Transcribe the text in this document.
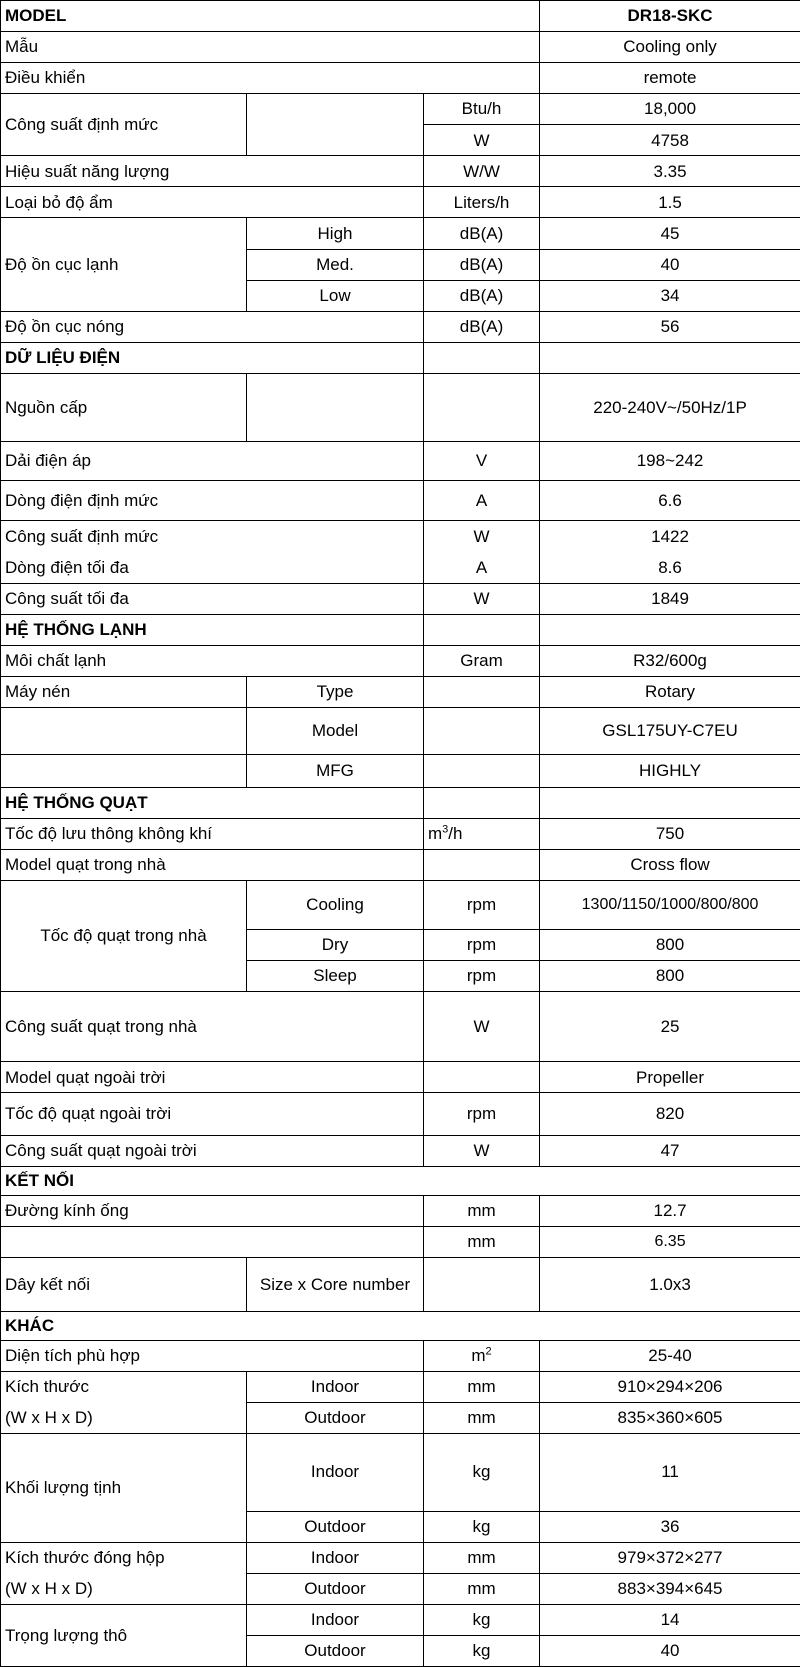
MODEL			DR18-SKC
Mẫu			Cooling only
Điều khiển			remote
Công suất định mức		Btu/h	18,000
		W	4758
Hiệu suất năng lượng		W/W	3.35
Loại bỏ độ ẩm		Liters/h	1.5
Độ ồn cục lạnh	High	dB(A)	45
	Med.	dB(A)	40
	Low	dB(A)	34
Độ ồn cục nóng		dB(A)	56
DỮ LIỆU ĐIỆN			
Nguồn cấp			220-240V~/50Hz/1P
Dải điện áp		V	198~242
Dòng điện định mức		A	6.6
Công suất định mức		W	1422
Dòng điện tối đa		A	8.6
Công suất tối đa		W	1849
HỆ THỐNG LẠNH			
Môi chất lạnh		Gram	R32/600g
Máy nén	Type		Rotary
	Model		GSL175UY-C7EU
	MFG		HIGHLY
HỆ THỐNG QUẠT			
Tốc độ lưu thông không khí		$m^3/h$	750
Model quạt trong nhà			Cross flow
Tốc độ quạt trong nhà	Cooling	rpm	1300/1150/1000/800/800
	Dry	rpm	800
	Sleep	rpm	800
Công suất quạt trong nhà		W	25
Model quạt ngoài trời			Propeller
Tốc độ quạt ngoài trời		rpm	820
Công suất quạt ngoài trời		W	47
KẾT NỐI			
Đường kính ống		mm	12.7
		mm	6.35
Dây kết nối	Size x Core number		1.0x3
KHÁC			
Diện tích phù hợp		$m^2$	25-40
Kích thước	Indoor	mm	910×294×206
(W x H x D)	Outdoor	mm	835×360×605
Khối lượng tịnh	Indoor	kg	11
	Outdoor	kg	36
Kích thước đóng hộp	Indoor	mm	979×372×277
(W x H x D)	Outdoor	mm	883×394×645
Trọng lượng thô	Indoor	kg	14
	Outdoor	kg	40
